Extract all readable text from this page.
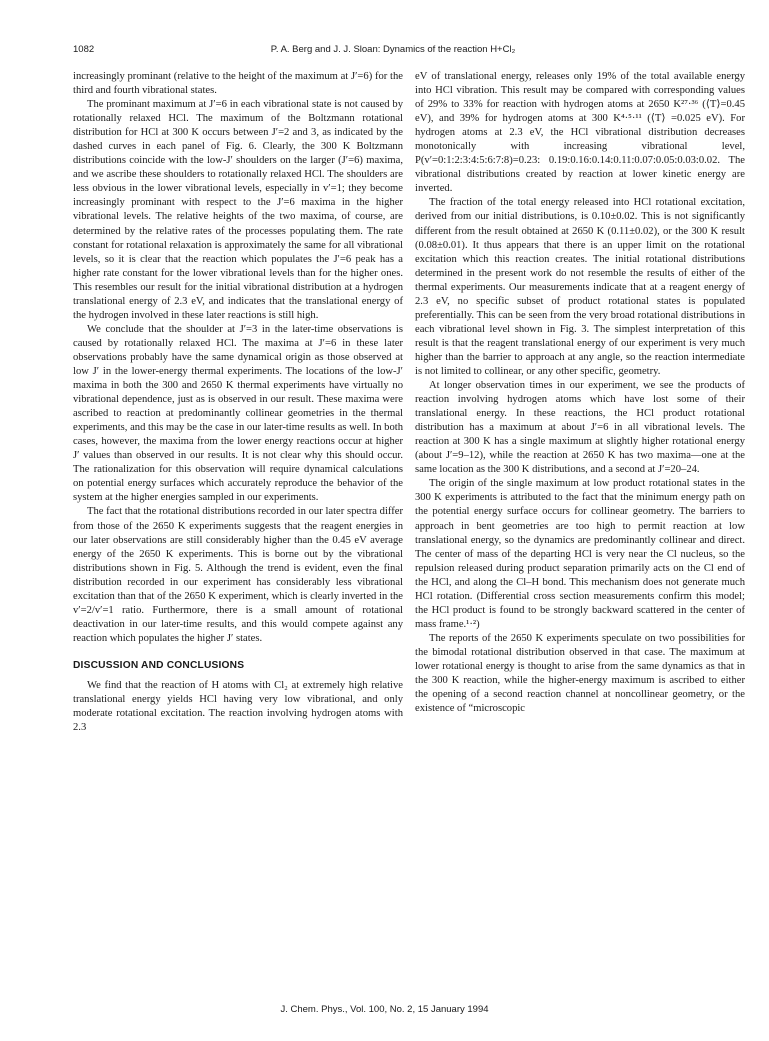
1082	P. A. Berg and J. J. Sloan: Dynamics of the reaction H+Cl₂

increasingly prominant (relative to the height of the maximum at J′=6) for the third and fourth vibrational states.

The prominant maximum at J′=6 in each vibrational state is not caused by rotationally relaxed HCl. The maximum of the Boltzmann rotational distribution for HCl at 300 K occurs between J′=2 and 3, as indicated by the dashed curves in each panel of Fig. 6. Clearly, the 300 K Boltzmann distributions coincide with the low-J′ shoulders on the larger (J′=6) maxima, and we ascribe these shoulders to rotationally relaxed HCl. The shoulders are less obvious in the lower vibrational levels, especially in v′=1; they become increasingly prominant with respect to the J′=6 maxima in the higher vibrational levels. The relative heights of the two maxima, of course, are determined by the relative rates of the processes populating them. The rate constant for rotational relaxation is approximately the same for all vibrational levels, so it is clear that the reaction which populates the J′=6 peak has a higher rate constant for the lower vibrational levels than for the higher ones. This resembles our result for the initial vibrational distribution at a hydrogen translational energy of 2.3 eV, and indicates that the translational energy of the hydrogen involved in these later reactions is still high.

We conclude that the shoulder at J′=3 in the later-time observations is caused by rotationally relaxed HCl. The maxima at J′=6 in these later observations probably have the same dynamical origin as those observed at low J′ in the lower-energy thermal experiments. The locations of the low-J′ maxima in both the 300 and 2650 K thermal experiments have virtually no vibrational dependence, just as is observed in our result. These maxima were ascribed to reaction at predominantly collinear geometries in the thermal experiments, and this may be the case in our later-time results as well. In both cases, however, the maxima from the lower energy reactions occur at higher J′ values than observed in our results. It is not clear why this should occur. The rationalization for this observation will require dynamical calculations on potential energy surfaces which accurately reproduce the behavior of the system at the higher energies sampled in our experiments.

The fact that the rotational distributions recorded in our later spectra differ from those of the 2650 K experiments suggests that the reagent energies in our later observations are still considerably higher than the 0.45 eV average energy of the 2650 K experiments. This is borne out by the vibrational distributions shown in Fig. 5. Although the trend is evident, even the final distribution recorded in our experiment has considerably less vibrational excitation than that of the 2650 K experiment, which is clearly inverted in the v′=2/v′=1 ratio. Furthermore, there is a small amount of rotational deactivation in our later-time results, and this would compete against any reaction which populates the higher J′ states.

DISCUSSION AND CONCLUSIONS

We find that the reaction of H atoms with Cl₂ at extremely high relative translational energy yields HCl having very low vibrational, and only moderate rotational excitation. The reaction involving hydrogen atoms with 2.3

eV of translational energy, releases only 19% of the total available energy into HCl vibration. This result may be compared with corresponding values of 29% to 33% for reaction with hydrogen atoms at 2650 K²⁷·³⁶ (⟨T⟩=0.45 eV), and 39% for hydrogen atoms at 300 K⁴·⁵·¹¹ (⟨T⟩ =0.025 eV). For hydrogen atoms at 2.3 eV, the HCl vibrational distribution decreases monotonically with increasing vibrational level, P(v′=0:1:2:3:4:5:6:7:8)=0.23: 0.19:0.16:0.14:0.11:0.07:0.05:0.03:0.02. The vibrational distributions created by reaction at lower kinetic energy are inverted.

The fraction of the total energy released into HCl rotational excitation, derived from our initial distributions, is 0.10±0.02. This is not significantly different from the result obtained at 2650 K (0.11±0.02), or the 300 K result (0.08±0.01). It thus appears that there is an upper limit on the rotational excitation which this reaction creates. The initial rotational distributions determined in the present work do not resemble the results of either of the thermal experiments. Our measurements indicate that at a reagent energy of 2.3 eV, no specific subset of product rotational states is populated preferentially. This can be seen from the very broad rotational distributions in each vibrational level shown in Fig. 3. The simplest interpretation of this result is that the reagent translational energy of our experiment is very much higher than the barrier to approach at any angle, so the reaction intermediate is not limited to collinear, or any other specific, geometry.

At longer observation times in our experiment, we see the products of reaction involving hydrogen atoms which have lost some of their translational energy. In these reactions, the HCl product rotational distribution has a maximum at about J′=6 in all vibrational levels. The reaction at 300 K has a single maximum at slightly higher rotational energy (about J′=9–12), while the reaction at 2650 K has two maxima—one at the same location as the 300 K distributions, and a second at J′=20–24.

The origin of the single maximum at low product rotational states in the 300 K experiments is attributed to the fact that the minimum energy path on the potential energy surface occurs for collinear geometry. The barriers to approach in bent geometries are too high to permit reaction at low translational energy, so the dynamics are predominantly collinear and direct. The center of mass of the departing HCl is very near the Cl nucleus, so the repulsion released during product separation primarily acts on the Cl end of the HCl, and along the Cl–H bond. This mechanism does not generate much HCl rotation. (Differential cross section measurements confirm this model; the HCl product is found to be strongly backward scattered in the center of mass frame.¹·²)

The reports of the 2650 K experiments speculate on two possibilities for the bimodal rotational distribution observed in that case. The maximum at lower rotational energy is thought to arise from the same dynamics as that in the 300 K reaction, while the higher-energy maximum is ascribed to either the opening of a second reaction channel at noncollinear geometry, or the existence of “microscopic

J. Chem. Phys., Vol. 100, No. 2, 15 January 1994
